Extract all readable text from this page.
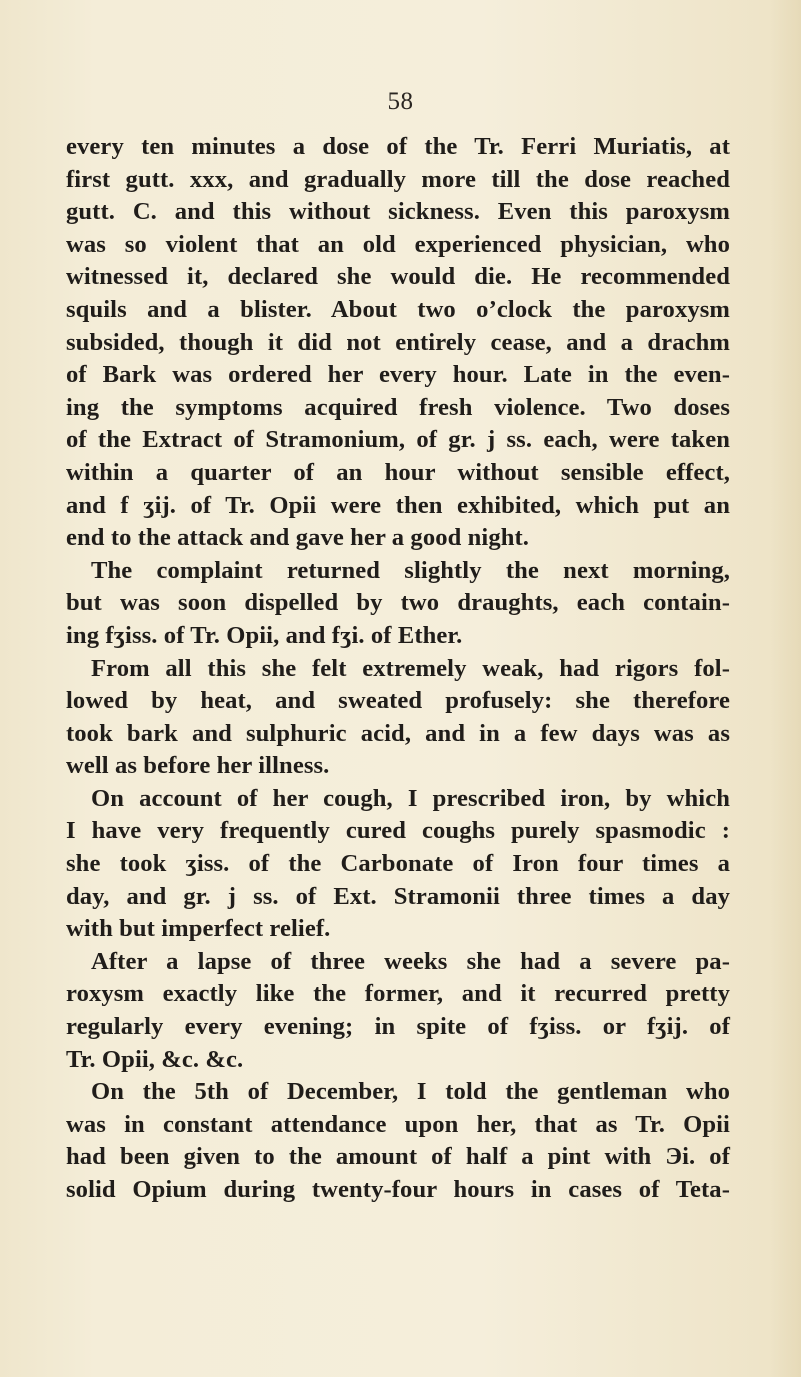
58
every ten minutes a dose of the Tr. Ferri Muriatis, at
first gutt. xxx, and gradually more till the dose reached
gutt. C. and this without sickness. Even this paroxysm
was so violent that an old experienced physician, who
witnessed it, declared she would die. He recommended
squils and a blister. About two o’clock the paroxysm
subsided, though it did not entirely cease, and a drachm
of Bark was ordered her every hour. Late in the even-
ing the symptoms acquired fresh violence. Two doses
of the Extract of Stramonium, of gr. j ss. each, were taken
within a quarter of an hour without sensible effect,
and f ʒij. of Tr. Opii were then exhibited, which put an
end to the attack and gave her a good night.
The complaint returned slightly the next morning,
but was soon dispelled by two draughts, each contain-
ing fʒiss. of Tr. Opii, and fʒi. of Ether.
From all this she felt extremely weak, had rigors fol-
lowed by heat, and sweated profusely: she therefore
took bark and sulphuric acid, and in a few days was as
well as before her illness.
On account of her cough, I prescribed iron, by which
I have very frequently cured coughs purely spasmodic :
she took ʒiss. of the Carbonate of Iron four times a
day, and gr. j ss. of Ext. Stramonii three times a day
with but imperfect relief.
After a lapse of three weeks she had a severe pa-
roxysm exactly like the former, and it recurred pretty
regularly every evening; in spite of fʒiss. or fʒij. of
Tr. Opii, &c. &c.
On the 5th of December, I told the gentleman who
was in constant attendance upon her, that as Tr. Opii
had been given to the amount of half a pint with Эi. of
solid Opium during twenty-four hours in cases of Teta-
